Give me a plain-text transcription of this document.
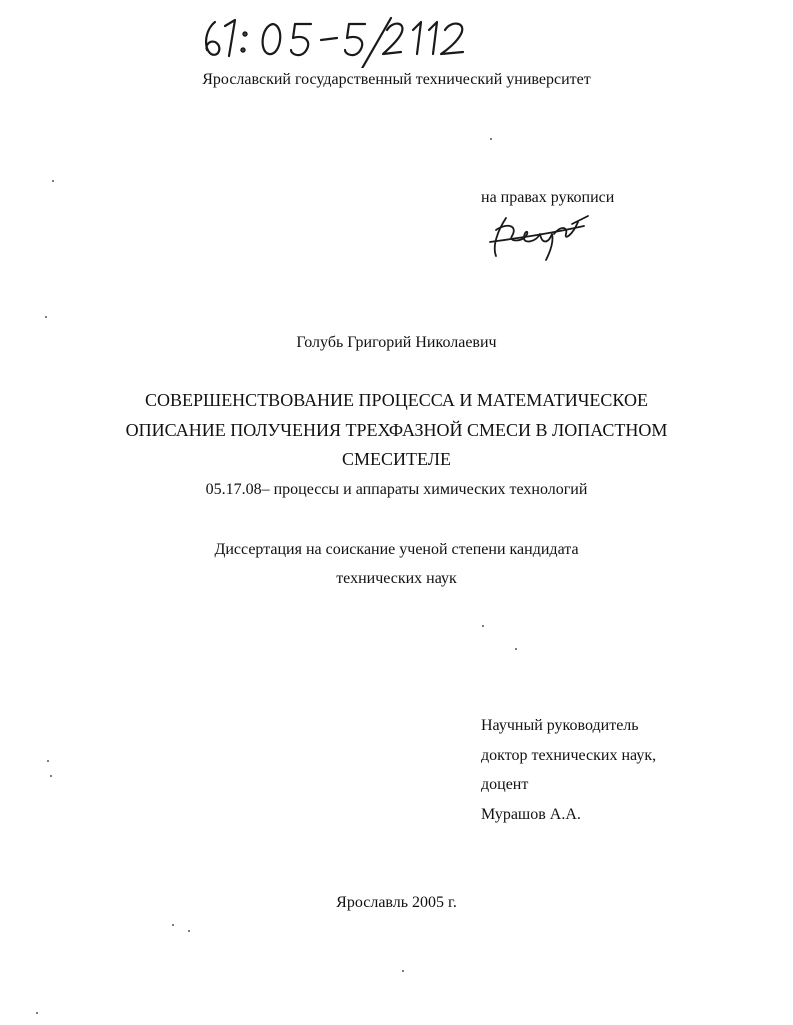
Ярославский государственный технический университет
на правах рукописи
Голубь Григорий Николаевич
СОВЕРШЕНСТВОВАНИЕ ПРОЦЕССА И МАТЕМАТИЧЕСКОЕ
ОПИСАНИЕ ПОЛУЧЕНИЯ ТРЕХФАЗНОЙ СМЕСИ В ЛОПАСТНОМ
СМЕСИТЕЛЕ
05.17.08– процессы и аппараты химических технологий
Диссертация на соискание ученой степени кандидата
технических наук
Научный руководитель
доктор технических наук,
доцент
Мурашов А.А.
Ярославль 2005 г.
